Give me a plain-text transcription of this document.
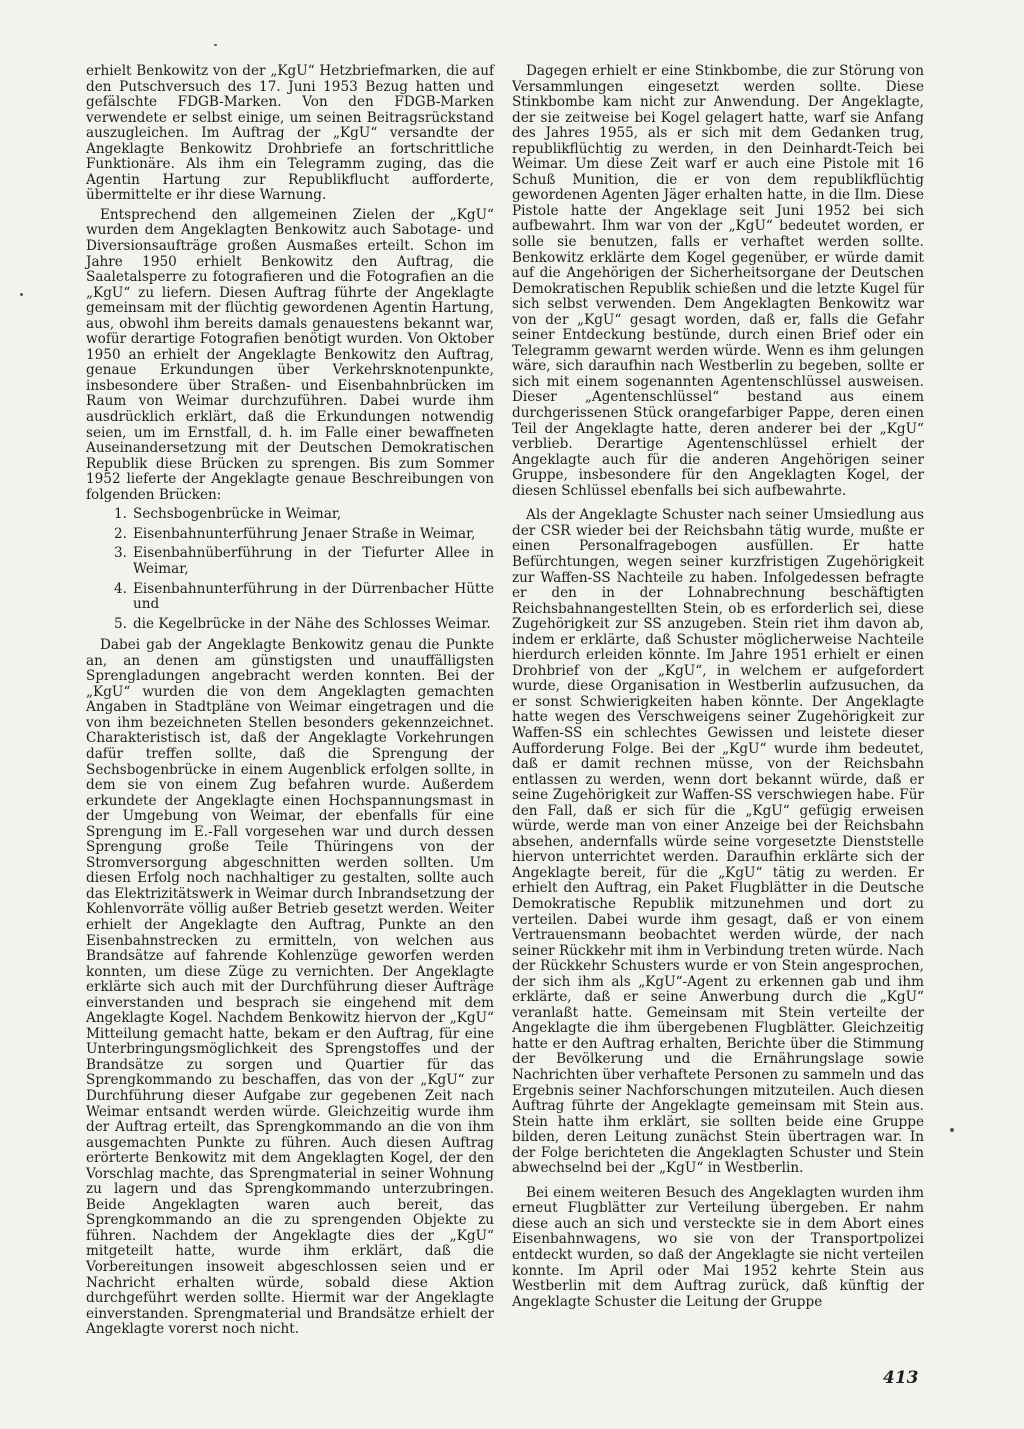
erhielt Benkowitz von der „KgU“ Hetzbriefmarken, die auf den Putschversuch des 17. Juni 1953 Bezug hatten und gefälschte FDGB-Marken. Von den FDGB-Marken verwendete er selbst einige, um seinen Beitragsrückstand auszugleichen. Im Auftrag der „KgU“ versandte der Angeklagte Benkowitz Drohbriefe an fortschrittliche Funktionäre. Als ihm ein Telegramm zuging, das die Agentin Hartung zur Republikflucht aufforderte, übermittelte er ihr diese Warnung.

Entsprechend den allgemeinen Zielen der „KgU“ wurden dem Angeklagten Benkowitz auch Sabotage- und Diversionsaufträge großen Ausmaßes erteilt. Schon im Jahre 1950 erhielt Benkowitz den Auftrag, die Saaletalsperre zu fotografieren und die Fotografien an die „KgU“ zu liefern. Diesen Auftrag führte der Angeklagte gemeinsam mit der flüchtig gewordenen Agentin Hartung, aus, obwohl ihm bereits damals genauestens bekannt war, wofür derartige Fotografien benötigt wurden. Von Oktober 1950 an erhielt der Angeklagte Benkowitz den Auftrag, genaue Erkundungen über Verkehrsknotenpunkte, insbesondere über Straßen- und Eisenbahnbrücken im Raum von Weimar durchzuführen. Dabei wurde ihm ausdrücklich erklärt, daß die Erkundungen notwendig seien, um im Ernstfall, d. h. im Falle einer bewaffneten Auseinandersetzung mit der Deutschen Demokratischen Republik diese Brücken zu sprengen. Bis zum Sommer 1952 lieferte der Angeklagte genaue Beschreibungen von folgenden Brücken:

1. Sechsbogenbrücke in Weimar,
2. Eisenbahnunterführung Jenaer Straße in Weimar,
3. Eisenbahnüberführung in der Tiefurter Allee in Weimar,
4. Eisenbahnunterführung in der Dürrenbacher Hütte und
5. die Kegelbrücke in der Nähe des Schlosses Weimar.

Dabei gab der Angeklagte Benkowitz genau die Punkte an, an denen am günstigsten und unauffälligsten Sprengladungen angebracht werden konnten. Bei der „KgU“ wurden die von dem Angeklagten gemachten Angaben in Stadtpläne von Weimar eingetragen und die von ihm bezeichneten Stellen besonders gekennzeichnet. Charakteristisch ist, daß der Angeklagte Vorkehrungen dafür treffen sollte, daß die Sprengung der Sechsbogenbrücke in einem Augenblick erfolgen sollte, in dem sie von einem Zug befahren wurde. Außerdem erkundete der Angeklagte einen Hochspannungsmast in der Umgebung von Weimar, der ebenfalls für eine Sprengung im E.-Fall vorgesehen war und durch dessen Sprengung große Teile Thüringens von der Stromversorgung abgeschnitten werden sollten. Um diesen Erfolg noch nachhaltiger zu gestalten, sollte auch das Elektrizitätswerk in Weimar durch Inbrandsetzung der Kohlenvorräte völlig außer Betrieb gesetzt werden. Weiter erhielt der Angeklagte den Auftrag, Punkte an den Eisenbahnstrecken zu ermitteln, von welchen aus Brandsätze auf fahrende Kohlenzüge geworfen werden konnten, um diese Züge zu vernichten. Der Angeklagte erklärte sich auch mit der Durchführung dieser Aufträge einverstanden und besprach sie eingehend mit dem Angeklagte Kogel. Nachdem Benkowitz hiervon der „KgU“ Mitteilung gemacht hatte, bekam er den Auftrag, für eine Unterbringungsmöglichkeit des Sprengstoffes und der Brandsätze zu sorgen und Quartier für das Sprengkommando zu beschaffen, das von der „KgU“ zur Durchführung dieser Aufgabe zur gegebenen Zeit nach Weimar entsandt werden würde. Gleichzeitig wurde ihm der Auftrag erteilt, das Sprengkommando an die von ihm ausgemachten Punkte zu führen. Auch diesen Auftrag erörterte Benkowitz mit dem Angeklagten Kogel, der den Vorschlag machte, das Sprengmaterial in seiner Wohnung zu lagern und das Sprengkommando unterzubringen. Beide Angeklagten waren auch bereit, das Sprengkommando an die zu sprengenden Objekte zu führen. Nachdem der Angeklagte dies der „KgU“ mitgeteilt hatte, wurde ihm erklärt, daß die Vorbereitungen insoweit abgeschlossen seien und er Nachricht erhalten würde, sobald diese Aktion durchgeführt werden sollte. Hiermit war der Angeklagte einverstanden. Sprengmaterial und Brandsätze erhielt der Angeklagte vorerst noch nicht.

Dagegen erhielt er eine Stinkbombe, die zur Störung von Versammlungen eingesetzt werden sollte. Diese Stinkbombe kam nicht zur Anwendung. Der Angeklagte, der sie zeitweise bei Kogel gelagert hatte, warf sie Anfang des Jahres 1955, als er sich mit dem Gedanken trug, republikflüchtig zu werden, in den Deinhardt-Teich bei Weimar. Um diese Zeit warf er auch eine Pistole mit 16 Schuß Munition, die er von dem republikflüchtig gewordenen Agenten Jäger erhalten hatte, in die Ilm. Diese Pistole hatte der Angeklage seit Juni 1952 bei sich aufbewahrt. Ihm war von der „KgU“ bedeutet worden, er solle sie benutzen, falls er verhaftet werden sollte. Benkowitz erklärte dem Kogel gegenüber, er würde damit auf die Angehörigen der Sicherheitsorgane der Deutschen Demokratischen Republik schießen und die letzte Kugel für sich selbst verwenden. Dem Angeklagten Benkowitz war von der „KgU“ gesagt worden, daß er, falls die Gefahr seiner Entdeckung bestünde, durch einen Brief oder ein Telegramm gewarnt werden würde. Wenn es ihm gelungen wäre, sich daraufhin nach Westberlin zu begeben, sollte er sich mit einem sogenannten Agentenschlüssel ausweisen. Dieser „Agentenschlüssel“ bestand aus einem durchgerissenen Stück orangefarbiger Pappe, deren einen Teil der Angeklagte hatte, deren anderer bei der „KgU“ verblieb. Derartige Agentenschlüssel erhielt der Angeklagte auch für die anderen Angehörigen seiner Gruppe, insbesondere für den Angeklagten Kogel, der diesen Schlüssel ebenfalls bei sich aufbewahrte.

Als der Angeklagte Schuster nach seiner Umsiedlung aus der CSR wieder bei der Reichsbahn tätig wurde, mußte er einen Personalfragebogen ausfüllen. Er hatte Befürchtungen, wegen seiner kurzfristigen Zugehörigkeit zur Waffen-SS Nachteile zu haben. Infolgedessen befragte er den in der Lohnabrechnung beschäftigten Reichsbahnangestellten Stein, ob es erforderlich sei, diese Zugehörigkeit zur SS anzugeben. Stein riet ihm davon ab, indem er erklärte, daß Schuster möglicherweise Nachteile hierdurch erleiden könnte. Im Jahre 1951 erhielt er einen Drohbrief von der „KgU“, in welchem er aufgefordert wurde, diese Organisation in Westberlin aufzusuchen, da er sonst Schwierigkeiten haben könnte. Der Angeklagte hatte wegen des Verschweigens seiner Zugehörigkeit zur Waffen-SS ein schlechtes Gewissen und leistete dieser Aufforderung Folge. Bei der „KgU“ wurde ihm bedeutet, daß er damit rechnen müsse, von der Reichsbahn entlassen zu werden, wenn dort bekannt würde, daß er seine Zugehörigkeit zur Waffen-SS verschwiegen habe. Für den Fall, daß er sich für die „KgU“ gefügig erweisen würde, werde man von einer Anzeige bei der Reichsbahn absehen, andernfalls würde seine vorgesetzte Dienststelle hiervon unterrichtet werden. Daraufhin erklärte sich der Angeklagte bereit, für die „KgU“ tätig zu werden. Er erhielt den Auftrag, ein Paket Flugblätter in die Deutsche Demokratische Republik mitzunehmen und dort zu verteilen. Dabei wurde ihm gesagt, daß er von einem Vertrauensmann beobachtet werden würde, der nach seiner Rückkehr mit ihm in Verbindung treten würde. Nach der Rückkehr Schusters wurde er von Stein angesprochen, der sich ihm als „KgU“-Agent zu erkennen gab und ihm erklärte, daß er seine Anwerbung durch die „KgU“ veranlaßt hatte. Gemeinsam mit Stein verteilte der Angeklagte die ihm übergebenen Flugblätter. Gleichzeitig hatte er den Auftrag erhalten, Berichte über die Stimmung der Bevölkerung und die Ernährungslage sowie Nachrichten über verhaftete Personen zu sammeln und das Ergebnis seiner Nachforschungen mitzuteilen. Auch diesen Auftrag führte der Angeklagte gemeinsam mit Stein aus. Stein hatte ihm erklärt, sie sollten beide eine Gruppe bilden, deren Leitung zunächst Stein übertragen war. In der Folge berichteten die Angeklagten Schuster und Stein abwechselnd bei der „KgU“ in Westberlin.

Bei einem weiteren Besuch des Angeklagten wurden ihm erneut Flugblätter zur Verteilung übergeben. Er nahm diese auch an sich und versteckte sie in dem Abort eines Eisenbahnwagens, wo sie von der Transportpolizei entdeckt wurden, so daß der Angeklagte sie nicht verteilen konnte. Im April oder Mai 1952 kehrte Stein aus Westberlin mit dem Auftrag zurück, daß künftig der Angeklagte Schuster die Leitung der Gruppe

413
